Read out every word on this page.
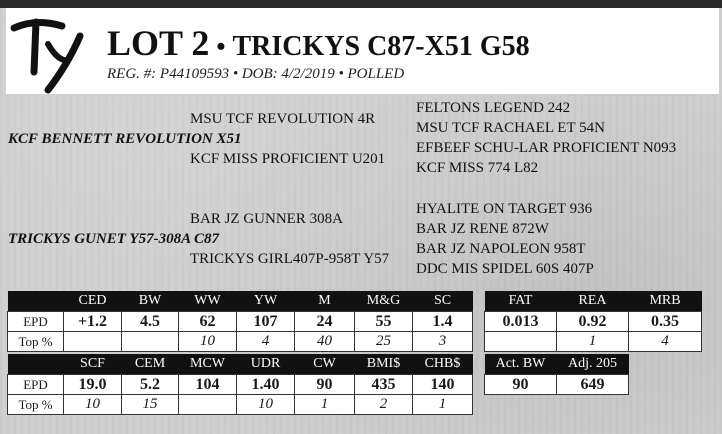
LOT 2 • TRICKYS C87-X51 G58
REG. #: P44109593 • DOB: 4/2/2019 • POLLED
MSU TCF REVOLUTION 4R
KCF BENNETT REVOLUTION X51
KCF MISS PROFICIENT U201
FELTONS LEGEND 242
MSU TCF RACHAEL ET 54N
EFBEEF SCHU-LAR PROFICIENT N093
KCF MISS 774 L82
BAR JZ GUNNER 308A
TRICKYS GUNET Y57-308A C87
TRICKYS GIRL407P-958T Y57
HYALITE ON TARGET 936
BAR JZ RENE 872W
BAR JZ NAPOLEON 958T
DDC MIS SPIDEL 60S 407P
	CED	BW	WW	YW	M	M&G	SC
EPD	+1.2	4.5	62	107	24	55	1.4
Top %			10	4	40	25	3
	SCF	CEM	MCW	UDR	CW	BMI$	CHB$
EPD	19.0	5.2	104	1.40	90	435	140
Top %	10	15		10	1	2	1
FAT	REA	MRB
0.013	0.92	0.35
	1	4
Act. BW	Adj. 205
90	649
